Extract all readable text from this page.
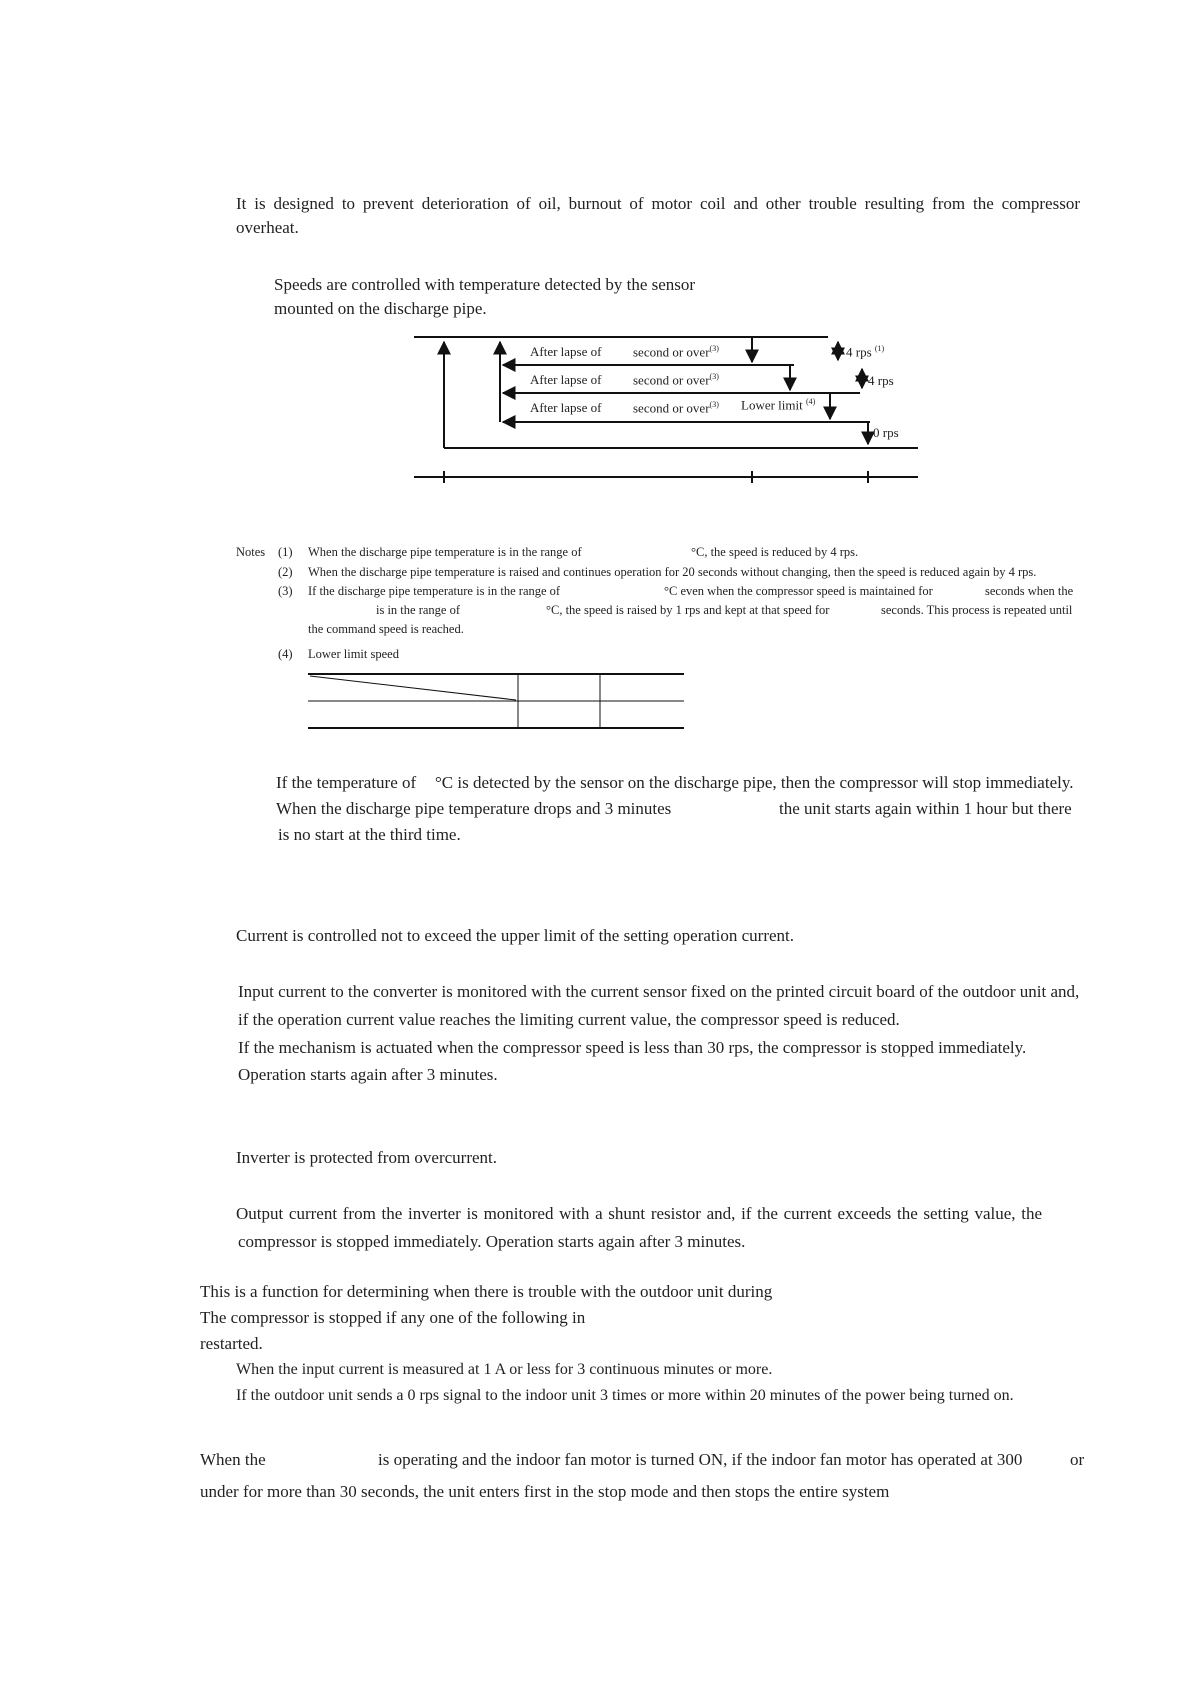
It is designed to prevent deterioration of oil, burnout of motor coil and other trouble resulting from the compressor
overheat.
Speeds are controlled with temperature detected by the sensor
mounted on the discharge pipe.
After lapse of second or over$^{(3)}$
After lapse of second or over$^{(3)}$
After lapse of second or over$^{(3)}$ Lower limit $^{(4)}$
4 rps $^{(1)}$
4 rps
0 rps
Notes (1) When the discharge pipe temperature is in the range of	°C, the speed is reduced by 4 rps.
(2) When the discharge pipe temperature is raised and continues operation for 20 seconds without changing, then the speed is reduced again by 4 rps.
(3) If the discharge pipe temperature is in the range of	°C even when the compressor speed is maintained for	seconds when the
is in the range of	°C, the speed is raised by 1 rps and kept at that speed for	seconds. This process is repeated until
the command speed is reached.
(4) Lower limit speed
If the temperature of °C is detected by the sensor on the discharge pipe, then the compressor will stop immediately.
When the discharge pipe temperature drops and 3 minutes	the unit starts again within 1 hour but there
is no start at the third time.
Current is controlled not to exceed the upper limit of the setting operation current.
Input current to the converter is monitored with the current sensor fixed on the printed circuit board of the outdoor unit and,
if the operation current value reaches the limiting current value, the compressor speed is reduced.
If the mechanism is actuated when the compressor speed is less than 30 rps, the compressor is stopped immediately.
Operation starts again after 3 minutes.
Inverter is protected from overcurrent.
Output current from the inverter is monitored with a shunt resistor and, if the current exceeds the setting value, the
compressor is stopped immediately. Operation starts again after 3 minutes.
This is a function for determining when there is trouble with the outdoor unit during
The compressor is stopped if any one of the following in
restarted.
When the input current is measured at 1 A or less for 3 continuous minutes or more.
If the outdoor unit sends a 0 rps signal to the indoor unit 3 times or more within 20 minutes of the power being turned on.
When the	is operating and the indoor fan motor is turned ON, if the indoor fan motor has operated at 300	or
under for more than 30 seconds, the unit enters first in the stop mode and then stops the entire system
